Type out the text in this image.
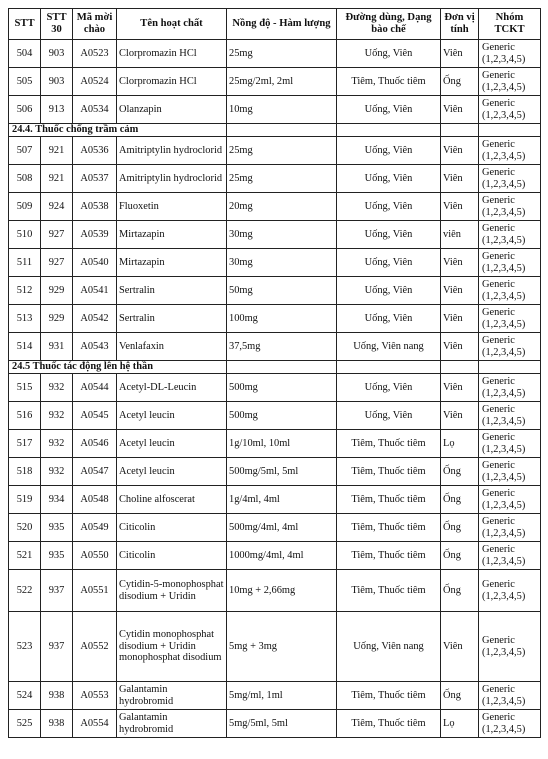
STT	STT 30	Mã mời chào	Tên hoạt chất	Nồng độ - Hàm lượng	Đường dùng, Dạng bào chế	Đơn vị tính	Nhóm TCKT
504	903	A0523	Clorpromazin HCl	25mg	Uống, Viên	Viên	Generic (1,2,3,4,5)
505	903	A0524	Clorpromazin HCl	25mg/2ml, 2ml	Tiêm, Thuốc tiêm	Ống	Generic (1,2,3,4,5)
506	913	A0534	Olanzapin	10mg	Uống, Viên	Viên	Generic (1,2,3,4,5)
24.4. Thuốc chống trầm cảm							
507	921	A0536	Amitriptylin hydroclorid	25mg	Uống, Viên	Viên	Generic (1,2,3,4,5)
508	921	A0537	Amitriptylin hydroclorid	25mg	Uống, Viên	Viên	Generic (1,2,3,4,5)
509	924	A0538	Fluoxetin	20mg	Uống, Viên	Viên	Generic (1,2,3,4,5)
510	927	A0539	Mirtazapin	30mg	Uống, Viên	viên	Generic (1,2,3,4,5)
511	927	A0540	Mirtazapin	30mg	Uống, Viên	Viên	Generic (1,2,3,4,5)
512	929	A0541	Sertralin	50mg	Uống, Viên	Viên	Generic (1,2,3,4,5)
513	929	A0542	Sertralin	100mg	Uống, Viên	Viên	Generic (1,2,3,4,5)
514	931	A0543	Venlafaxin	37,5mg	Uống, Viên nang	Viên	Generic (1,2,3,4,5)
24.5 Thuốc tác động lên hệ thần							
515	932	A0544	Acetyl-DL-Leucin	500mg	Uống, Viên	Viên	Generic (1,2,3,4,5)
516	932	A0545	Acetyl leucin	500mg	Uống, Viên	Viên	Generic (1,2,3,4,5)
517	932	A0546	Acetyl leucin	1g/10ml, 10ml	Tiêm, Thuốc tiêm	Lọ	Generic (1,2,3,4,5)
518	932	A0547	Acetyl leucin	500mg/5ml, 5ml	Tiêm, Thuốc tiêm	Ống	Generic (1,2,3,4,5)
519	934	A0548	Choline alfoscerat	1g/4ml, 4ml	Tiêm, Thuốc tiêm	Ống	Generic (1,2,3,4,5)
520	935	A0549	Citicolin	500mg/4ml, 4ml	Tiêm, Thuốc tiêm	Ống	Generic (1,2,3,4,5)
521	935	A0550	Citicolin	1000mg/4ml, 4ml	Tiêm, Thuốc tiêm	Ống	Generic (1,2,3,4,5)
522	937	A0551	Cytidin-5-monophosphat disodium + Uridin	10mg + 2,66mg	Tiêm, Thuốc tiêm	Ống	Generic (1,2,3,4,5)
523	937	A0552	Cytidin monophosphat disodium + Uridin monophosphat disodium	5mg + 3mg	Uống, Viên nang	Viên	Generic (1,2,3,4,5)
524	938	A0553	Galantamin hydrobromid	5mg/ml, 1ml	Tiêm, Thuốc tiêm	Ống	Generic (1,2,3,4,5)
525	938	A0554	Galantamin hydrobromid	5mg/5ml, 5ml	Tiêm, Thuốc tiêm	Lọ	Generic (1,2,3,4,5)
